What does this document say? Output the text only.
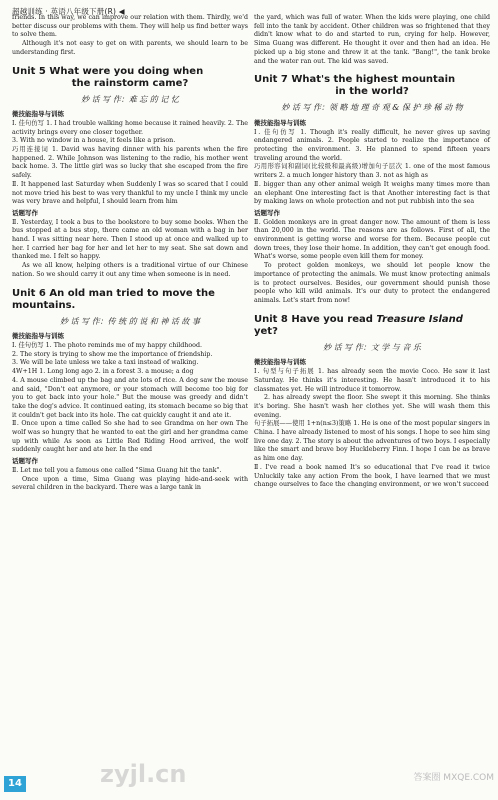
超越训练 · 英语八年级下册(R) ◀

friends. In this way, we can improve our relation with them. Thirdly, we'd better discuss our problems with them. They will help us find better ways to solve them.

Although it's not easy to get on with parents, we should learn to be understanding first.

Unit 5 What were you doing when
the rainstorm came?
妙 话 写 作：难 忘 的 记 忆
微技能指导与训练

Ⅰ. 佳句仿写 1. I had trouble walking home because it rained heavily. 2. The activity brings every one closer together.

3. With no window in a house, it feels like a prison.

巧用连接词 1. David was having dinner with his parents when the fire happened. 2. While Johnson was listening to the radio, his mother went back home. 3. The little girl was so lucky that she escaped from the fire safely.

Ⅱ. It happened last Saturday when Suddenly I was so scared that I could not move tried his best to was very thankful to my uncle I think my uncle was very brave and helpful, I should learn from him

话题写作

Ⅱ. Yesterday, I took a bus to the bookstore to buy some books. When the bus stopped at a bus stop, there came an old woman with a bag in her hand. I was sitting near here. Then I stood up at once and walked up to her. I carried her bag for her and let her to my seat. She sat down and thanked me. I felt so happy.

As we all know, helping others is a traditional virtue of our Chinese nation. So we should carry it out any time when someone is in need.

Unit 6 An old man tried to move the mountains.
妙 话 写 作：传 统 的 说 和 神 话 故 事
微技能指导与训练

Ⅰ. 佳句仿写 1. The photo reminds me of my happy childhood.

2. The story is trying to show me the importance of friendship.

3. We will be late unless we take a taxi instead of walking.

4W+1H 1. Long long ago 2. in a forest 3. a mouse; a dog

4. A mouse climbed up the bag and ate lots of rice. A dog saw the mouse and said, "Don't eat anymore, or your stomach will become too big for you to get back into your hole." But the mouse was greedy and didn't take the dog's advice. It continued eating, its stomach became so big that it couldn't get back into its hole. The cat quickly caught it and ate it.

Ⅱ. Once upon a time called So she had to see Grandma on her own The wolf was so hungry that he wanted to eat the girl and her grandma came up with while As soon as Little Red Riding Hood arrived, the wolf suddenly caught her and ate her. In the end

话题写作

Ⅱ. Let me tell you a famous one called "Sima Guang hit the tank".

Once upon a time, Sima Guang was playing hide-and-seek with several children in the backyard. There was a large tank in

the yard, which was full of water. When the kids were playing, one child fell into the tank by accident. Other children was so frightened that they didn't know what to do and started to run, crying for help. However, Sima Guang was different. He thought it over and then had an idea. He picked up a big stone and threw it at the tank. "Bang!", the tank broke and the water ran out. The kid was saved.

Unit 7 What's the highest mountain
in the world?
妙 话 写 作：领 略 地 理 奇 观 & 保 护 珍 稀 动 物
微技能指导与训练

Ⅰ. 佳句仿写 1. Though it's really difficult, he never gives up saving endangered animals. 2. People started to realize the importance of protecting the environment. 3. He planned to spend fifteen years traveling around the world.

巧用形容词和副词(比较级和最高级)增加句子层次 1. one of the most famous writers 2. a much longer history than 3. not as high as

Ⅱ. bigger than any other animal weigh It weighs many times more than an elephant One interesting fact is that Another interesting fact is that by making laws on whole protection and not put rubbish into the sea

话题写作

Ⅱ. Golden monkeys are in great danger now. The amount of them is less than 20,000 in the world. The reasons are as follows. First of all, the environment is getting worse and worse for them. Because people cut down trees, they lose their home. In addition, they can't get enough food. What's worse, some people even kill them for money.

To protect golden monkeys, we should let people know the importance of protecting the animals. We must know protecting animals is to protect ourselves. Besides, our government should punish those people who kill wild animals. It's our duty to protect the endangered animals. Let's start from now!

Unit 8 Have you read Treasure Island yet?
妙 话 写 作：文 学 与 音 乐
微技能指导与训练

Ⅰ. 句型与句子拓展 1. has already seen the movie Coco. He saw it last Saturday. He thinks it's interesting. He hasn't introduced it to his classmates yet. He will introduce it tomorrow.

2. has already swept the floor. She swept it this morning. She thinks it's boring. She hasn't wash her clothes yet. She will wash them this evening.

句子拓展——使用 1+n(n≤3)策略 1. He is one of the most popular singers in China. I have already listened to most of his songs. I hope to see him sing live one day. 2. The story is about the adventures of two boys. I especially like the smart and brave boy Huckleberry Finn. I hope I can be as brave as him one day.

Ⅱ. I've read a book named It's so educational that I've read it twice Unluckily take any action From the book, I have learned that we must change ourselves to face the changing environment, or we won't succeed

zyjl.cn
14	答案圈 MXQE.COM
